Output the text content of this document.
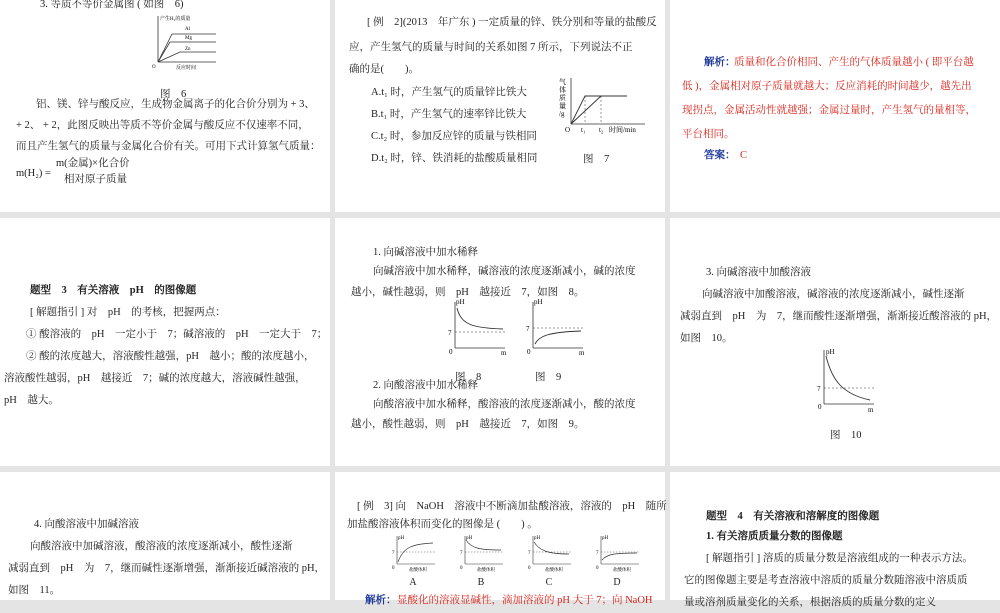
3. 等质不等价金属图 ( 如图　6)

产生H₂的质量
Al
Mg
Zn
反应时间
O

图　6

铝、镁、锌与酸反应，生成物金属离子的化合价分别为 + 3、

+ 2、 + 2，此图反映出等质不等价金属与酸反应不仅速率不同，

而且产生氢气的质量与金属化合价有关。可用下式计算氢气质量：

m(H₂) =

m(金属)×化合价

相对原子质量

[ 例　2](2013　年广东 ) 一定质量的锌、铁分别和等量的盐酸反

应，产生氢气的质量与时间的关系如图 7 所示，下列说法不正

确的是(　　)。

A.t₁ 时，产生氢气的质量锌比铁大

B.t₁ 时，产生氢气的速率锌比铁大

C.t₂ 时，参加反应锌的质量与铁相同

D.t₂ 时，锌、铁消耗的盐酸质量相同

气
体
质
量
/g
O t₁ t₂ 时间/min

图　7

解析：

质量和化合价相同、产生的气体质量越小 ( 即平台越

低 )，金属相对原子质量就越大；反应消耗的时间越少，越先出

现拐点，金属活动性就越强；金属过量时，产生氢气的量相等，

平台相同。

答案： C

题型　3　有关溶液　pH　的图像题

[ 解题指引 ] 对　pH　的考核，把握两点：

① 酸溶液的　pH　一定小于　7；碱溶液的　pH　一定大于　7；

② 酸的浓度越大，溶液酸性越强，pH　越小；酸的浓度越小，

溶液酸性越弱，pH　越接近　7；碱的浓度越大，溶液碱性越强，

pH　越大。

1. 向碱溶液中加水稀释

向碱溶液中加水稀释，碱溶液的浓度逐渐减小，碱的浓度

越小，碱性越弱，则　pH　越接近　7，如图　8。

pH
7
0	m

图　8

pH
7
0	m

图　9

2. 向酸溶液中加水稀释

向酸溶液中加水稀释，酸溶液的浓度逐渐减小，酸的浓度

越小，酸性越弱，则　pH　越接近　7，如图　9。

3. 向碱溶液中加酸溶液

向碱溶液中加酸溶液，碱溶液的浓度逐渐减小，碱性逐渐

减弱直到　pH　为　7，继而酸性逐渐增强，渐渐接近酸溶液的 pH，

如图　10。

pH
7
0	m

图　10

4. 向酸溶液中加碱溶液

向酸溶液中加碱溶液，酸溶液的浓度逐渐减小，酸性逐渐

减弱直到　pH　为　7，继而碱性逐渐增强，渐渐接近碱溶液的 pH，

如图　11。

[ 例　3] 向　NaOH　溶液中不断滴加盐酸溶液，溶液的　pH　随所

加盐酸溶液体积而变化的图像是 (　　) 。

pH
7
0	盐酸体积
pH
7
0	盐酸体积
pH
7
0	盐酸体积
pH
7
0	盐酸体积

A	B	C	D

解析： 显酸化的溶液显碱性，滴加溶液的 pH 大于 7；向 NaOH

题型　4　有关溶液和溶解度的图像题

1. 有关溶质质量分数的图像题

[ 解题指引 ] 溶质的质量分数是溶液组成的一种表示方法。

它的图像题主要是考查溶液中溶质的质量分数随溶液中溶质质

量或溶剂质量变化的关系，根据溶质的质量分数的定义
